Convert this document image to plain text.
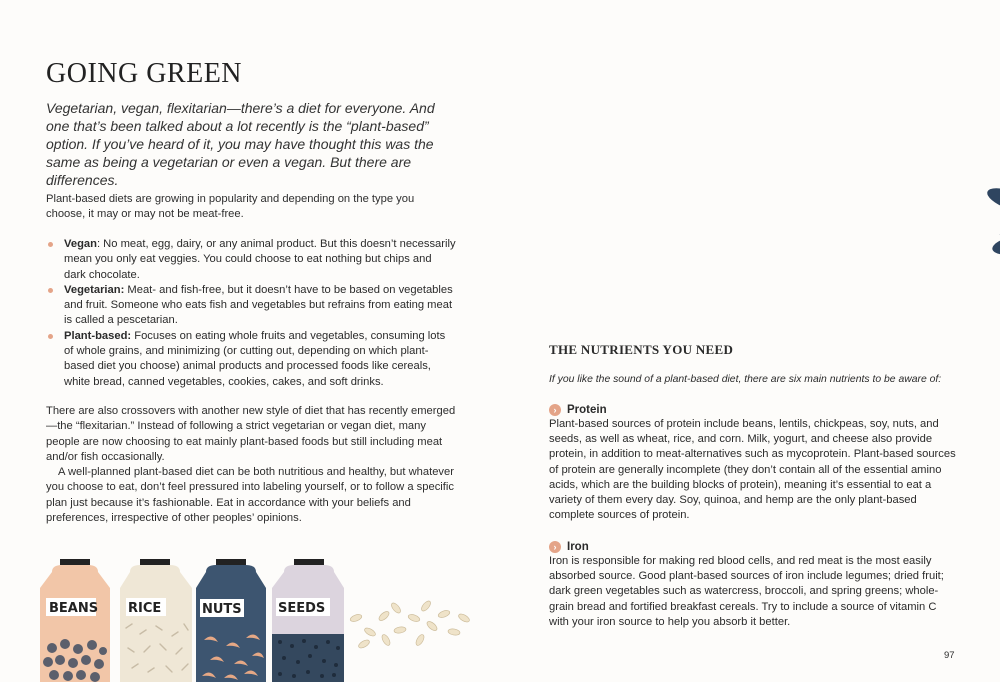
GOING GREEN

Vegetarian, vegan, flexitarian—there’s a diet for everyone. And one that’s been talked about a lot recently is the “plant-based” option. If you’ve heard of it, you may have thought this was the same as being a vegetarian or even a vegan. But there are differences.

Plant-based diets are growing in popularity and depending on the type you choose, it may or may not be meat-free.

Vegan: No meat, egg, dairy, or any animal product. But this doesn’t necessarily mean you only eat veggies. You could choose to eat nothing but chips and dark chocolate.
Vegetarian: Meat- and fish-free, but it doesn’t have to be based on vegetables and fruit. Someone who eats fish and vegetables but refrains from eating meat is called a pescetarian.
Plant-based: Focuses on eating whole fruits and vegetables, consuming lots of whole grains, and minimizing (or cutting out, depending on which plant-based diet you choose) animal products and processed foods like cereals, white bread, canned vegetables, cookies, cakes, and soft drinks.

There are also crossovers with another new style of diet that has recently emerged—the “flexitarian.” Instead of following a strict vegetarian or vegan diet, many people are now choosing to eat mainly plant-based foods but still including meat and/or fish occasionally.

A well-planned plant-based diet can be both nutritious and healthy, but whatever you choose to eat, don’t feel pressured into labeling yourself, or to follow a specific plan just because it’s fashionable. Eat in accordance with your beliefs and preferences, irrespective of other peoples’ opinions.

BEANS RICE	NUTS	SEEDS
THE NUTRIENTS YOU NEED

If you like the sound of a plant-based diet, there are six main nutrients to be aware of:

› Protein

Plant-based sources of protein include beans, lentils, chickpeas, soy, nuts, and seeds, as well as wheat, rice, and corn. Milk, yogurt, and cheese also provide protein, in addition to meat-alternatives such as mycoprotein. Plant-based sources of protein are generally incomplete (they don’t contain all of the essential amino acids, which are the building blocks of protein), meaning it’s essential to eat a variety of them every day. Soy, quinoa, and hemp are the only plant-based complete sources of protein.

› Iron

Iron is responsible for making red blood cells, and red meat is the most easily absorbed source. Good plant-based sources of iron include legumes; dried fruit; dark green vegetables such as watercress, broccoli, and spring greens; whole-grain bread and fortified breakfast cereals. Try to include a source of vitamin C with your iron source to help you absorb it better.

97
